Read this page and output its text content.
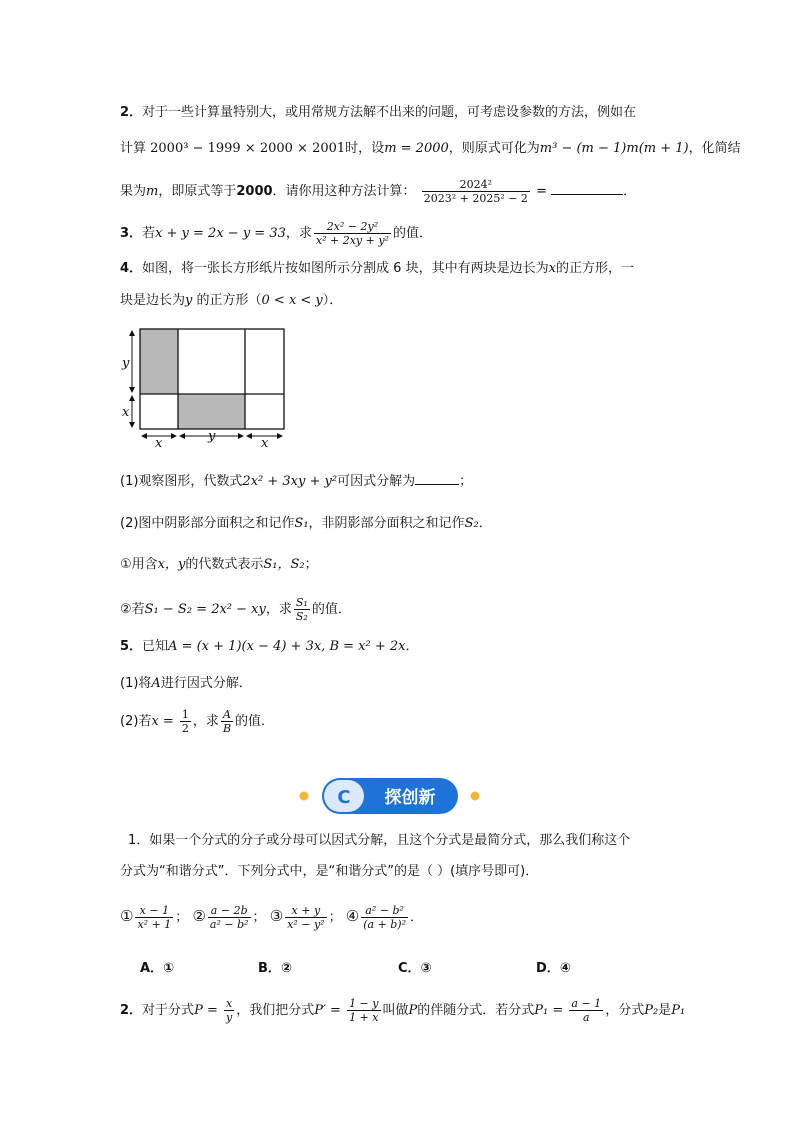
2．对于一些计算量特别大，或用常规方法解不出来的问题，可考虑设参数的方法，例如在
计算 2000³ − 1999 × 2000 × 2001时，设m = 2000，则原式可化为m³ − (m − 1)m(m + 1)，化简结
果为m，即原式等于2000．请你用这种方法计算： $\frac{\text{2024²}}{\text{2023² + 2025² − 2}}$ =	．
3．若x + y = 2x − y = 33，求 $\frac{\text{2x² − 2y²}}{\text{x² + 2xy + y²}}$ 的值．
4．如图，将一张长方形纸片按如图所示分割成 6 块，其中有两块是边长为x的正方形，一
块是边长为y 的正方形（0 < x < y）．
y
x
x	y	x
(1)观察图形，代数式2x² + 3xy + y²可因式分解为	；
(2)图中阴影部分面积之和记作S₁，非阴影部分面积之和记作S₂．
①用含x，y的代数式表示S₁，S₂；
②若S₁ − S₂ = 2x² − xy，求 $\frac{\text{S₁}}{\text{S₂}}$ 的值．
5．已知A = (x + 1)(x − 4) + 3x, B = x² + 2x．
(1)将A进行因式分解．
(2)若$x = \frac{1}{2}$ ，求 $\frac{A}{B}$ 的值．
C 探创新
1．如果一个分式的分子或分母可以因式分解，且这个分式是最简分式，那么我们称这个
分式为“和谐分式”．下列分式中，是“和谐分式”的是（ ）(填序号即可)．
① $\frac{x - 1}{\text{x² + 1}}$ ； ② $\frac{a - 2b}{\text{a² − b²}}$ ； ③ $\frac{x + y}{\text{x² − y²}}$ ； ④ $\frac{\text{a² − b²}}{\text{(a + b)²}}$ ．
A．①	B．②	C．③	D．④
2．对于分式$P = \frac{x}{y}$ ，我们把分式$P' = \frac{1 - y}{1 + x}$ 叫做P的伴随分式．若分式$P_1 = \frac{a - 1}{a}$ ，分式P₂是P₁
